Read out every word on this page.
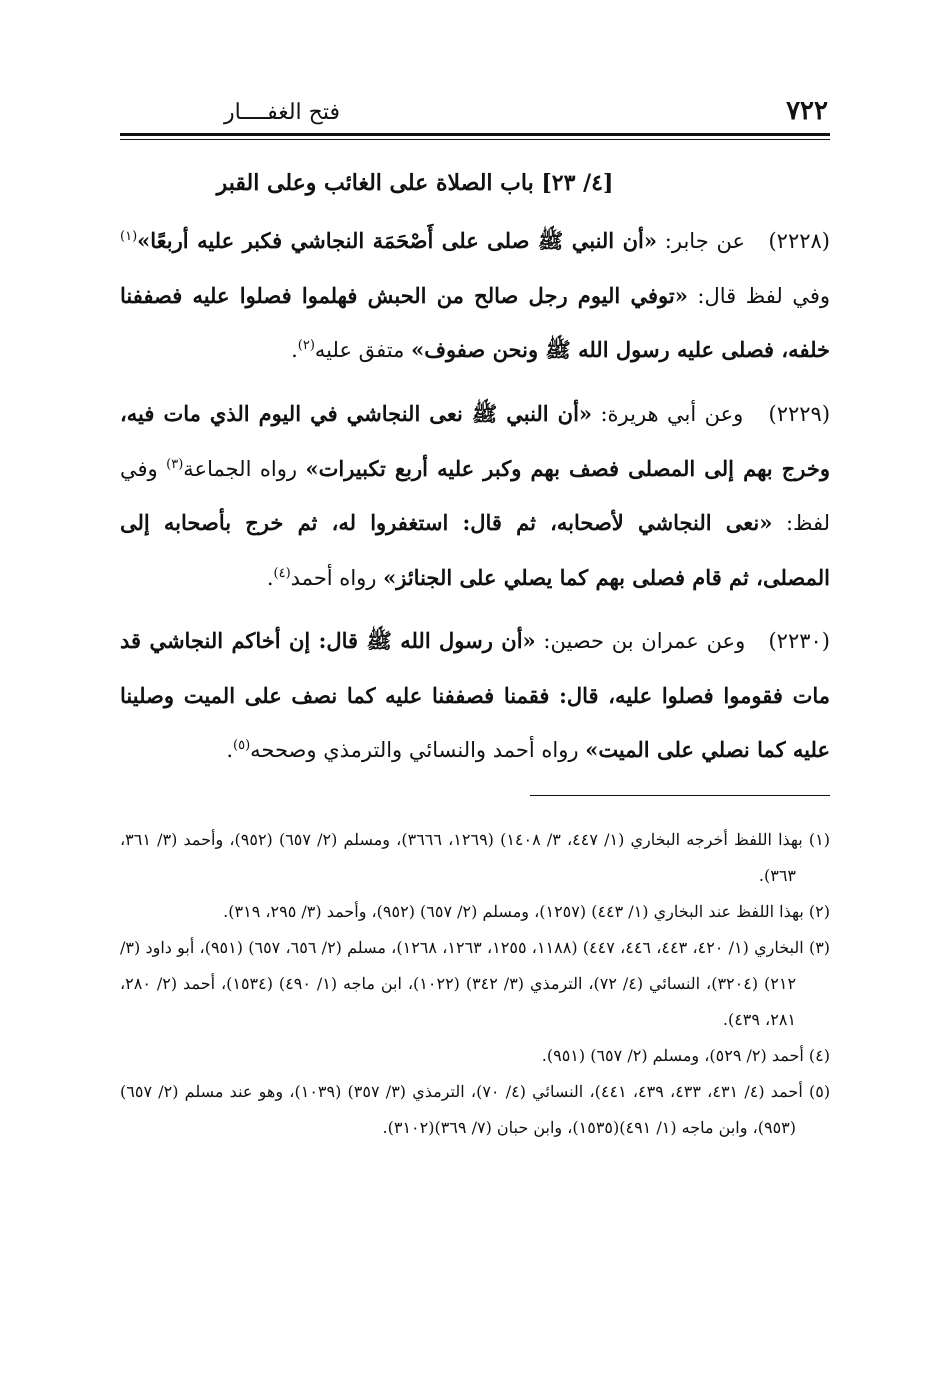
٧٢٢
فتح الغفــــار
[٤/ ٢٣] باب الصلاة على الغائب وعلى القبر

(٢٢٢٨)   عن جابر: «أن النبي ﷺ صلى على أَصْحَمَة النجاشي فكبر عليه أربعًا»$^{(١)}$ وفي لفظ قال: «توفي اليوم رجل صالح من الحبش فهلموا فصلوا عليه فصففنا خلفه، فصلى عليه رسول الله ﷺ ونحن صفوف» متفق عليه$^{(٢)}$.

(٢٢٢٩)   وعن أبي هريرة: «أن النبي ﷺ نعى النجاشي في اليوم الذي مات فيه، وخرج بهم إلى المصلى فصف بهم وكبر عليه أربع تكبيرات» رواه الجماعة$^{(٣)}$ وفي لفظ: «نعى النجاشي لأصحابه، ثم قال: استغفروا له، ثم خرج بأصحابه إلى المصلى، ثم قام فصلى بهم كما يصلي على الجنائز» رواه أحمد$^{(٤)}$.

(٢٢٣٠)   وعن عمران بن حصين: «أن رسول الله ﷺ قال: إن أخاكم النجاشي قد مات فقوموا فصلوا عليه، قال: فقمنا فصففنا عليه كما نصف على الميت وصلينا عليه كما نصلي على الميت» رواه أحمد والنسائي والترمذي وصححه$^{(٥)}$.

(١) بهذا اللفظ أخرجه البخاري (١/ ٤٤٧، ٣/ ١٤٠٨) (١٢٦٩، ٣٦٦٦)، ومسلم (٢/ ٦٥٧) (٩٥٢)، وأحمد (٣/ ٣٦١، ٣٦٣).
(٢) بهذا اللفظ عند البخاري (١/ ٤٤٣) (١٢٥٧)، ومسلم (٢/ ٦٥٧) (٩٥٢)، وأحمد (٣/ ٢٩٥، ٣١٩).
(٣) البخاري (١/ ٤٢٠، ٤٤٣، ٤٤٦، ٤٤٧) (١١٨٨، ١٢٥٥، ١٢٦٣، ١٢٦٨)، مسلم (٢/ ٦٥٦، ٦٥٧) (٩٥١)، أبو داود (٣/ ٢١٢) (٣٢٠٤)، النسائي (٤/ ٧٢)، الترمذي (٣/ ٣٤٢) (١٠٢٢)، ابن ماجه (١/ ٤٩٠) (١٥٣٤)، أحمد (٢/ ٢٨٠، ٢٨١، ٤٣٩).
(٤) أحمد (٢/ ٥٢٩)، ومسلم (٢/ ٦٥٧) (٩٥١).
(٥) أحمد (٤/ ٤٣١، ٤٣٣، ٤٣٩، ٤٤١)، النسائي (٤/ ٧٠)، الترمذي (٣/ ٣٥٧) (١٠٣٩)، وهو عند مسلم (٢/ ٦٥٧)(٩٥٣)، وابن ماجه (١/ ٤٩١)(١٥٣٥)، وابن حبان (٧/ ٣٦٩)(٣١٠٢).
